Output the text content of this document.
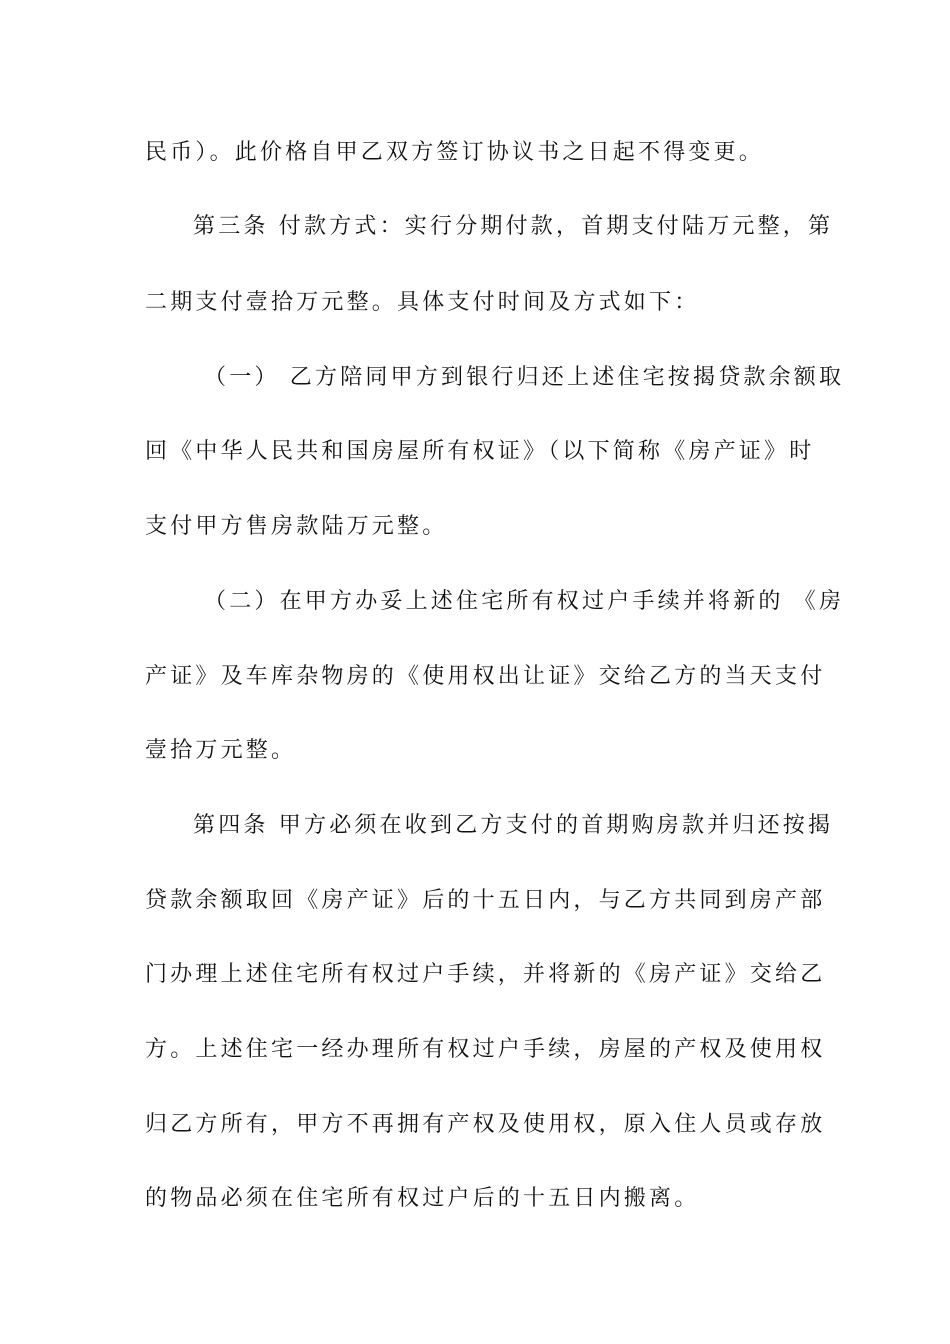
民币）。此价格自甲乙双方签订协议书之日起不得变更。
第三条 付款方式：实行分期付款，首期支付陆万元整，第
二期支付壹拾万元整。具体支付时间及方式如下：
（一） 乙方陪同甲方到银行归还上述住宅按揭贷款余额取
回《中华人民共和国房屋所有权证》（以下简称《房产证》时
支付甲方售房款陆万元整。
（二）在甲方办妥上述住宅所有权过户手续并将新的 《房
产证》及车库杂物房的《使用权出让证》交给乙方的当天支付
壹拾万元整。
第四条 甲方必须在收到乙方支付的首期购房款并归还按揭
贷款余额取回《房产证》后的十五日内，与乙方共同到房产部
门办理上述住宅所有权过户手续，并将新的《房产证》交给乙
方。上述住宅一经办理所有权过户手续，房屋的产权及使用权
归乙方所有，甲方不再拥有产权及使用权，原入住人员或存放
的物品必须在住宅所有权过户后的十五日内搬离。
